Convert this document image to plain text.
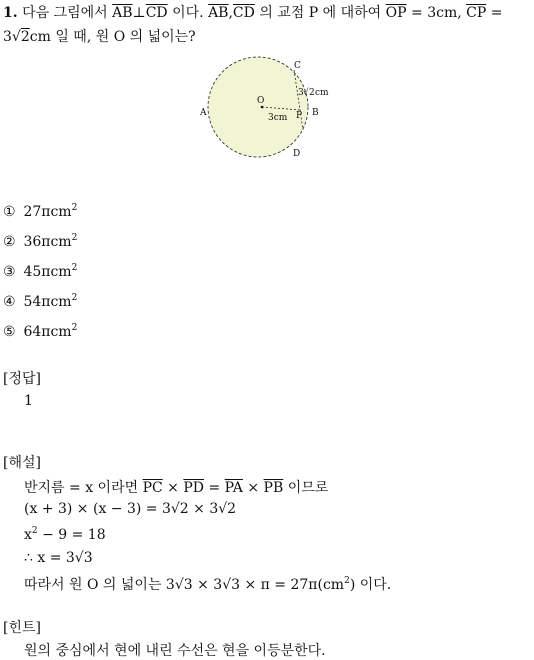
1. 다음 그림에서 $\overline{AB}\perp\overline{CD}$ 이다. $\overline{AB},\overline{CD}$ 의 교점 P 에 대하여 $\overline{OP} = 3cm$, $\overline{CP}$ =
3√2cm 일 때, 원 O 의 넓이는?
C
D
A	B
O
P
3cm
3 √ 2 cm
① 27πcm$^2$
② 36πcm$^2$
③ 45πcm$^2$
④ 54πcm$^2$
⑤ 64πcm$^2$
[정답]
1
[해설]
반지름 = x 이라면 $\overline{PC} \times \overline{PD} = \overline{PA} \times \overline{PB}$ 이므로
(x + 3) × (x − 3) = 3√2 × 3√2
$x^2 - 9 = 18$
∴ x = 3√3
따라서 원 O 의 넓이는 $3√3 \times 3√3 \times \pi = 27\pi(cm^2)$ 이다.
[힌트]
원의 중심에서 현에 내린 수선은 현을 이등분한다.
